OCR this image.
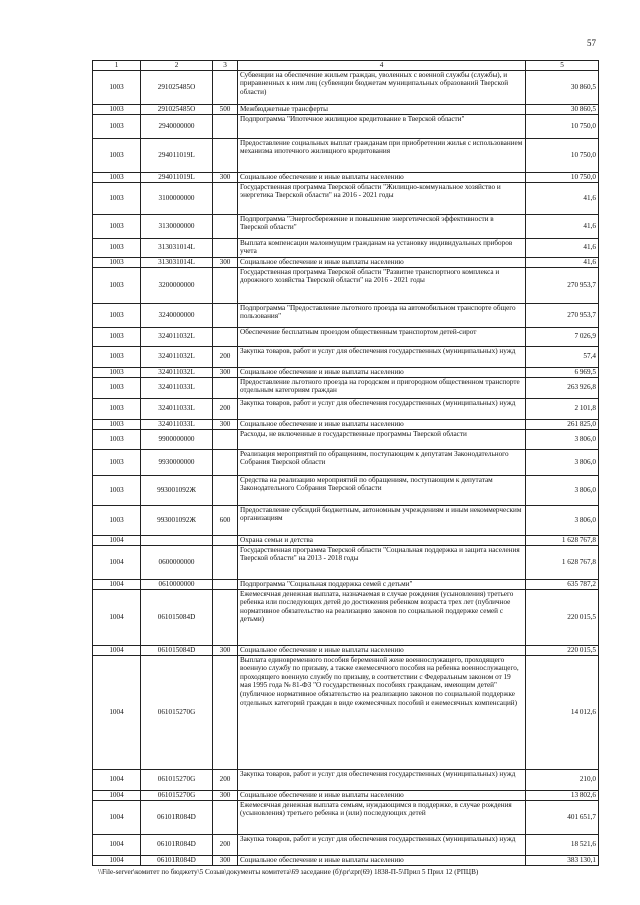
57
1	2	3	4	5
1003	291025485О		Субвенции на обеспечение жильем граждан, уволенных с военной службы (службы), и приравненных к ним лиц (субвенции бюджетам муниципальных образований Тверской области)	30 860,5
1003	291025485О	500	Межбюджетные трансферты	30 860,5
1003	2940000000		Подпрограмма "Ипотечное жилищное кредитование в Тверской области"	10 750,0
1003	294011019L		Предоставление социальных выплат гражданам при приобретении жилья с использованием механизма ипотечного жилищного кредитования	10 750,0
1003	294011019L	300	Социальное обеспечение и иные выплаты населению	10 750,0
1003	3100000000		Государственная программа Тверской области "Жилищно-коммунальное хозяйство и энергетика Тверской области" на 2016 - 2021 годы	41,6
1003	3130000000		Подпрограмма "Энергосбережение и повышение энергетической эффективности в Тверской области"	41,6
1003	313031014L		Выплата компенсации малоимущим гражданам на установку индивидуальных приборов учета	41,6
1003	313031014L	300	Социальное обеспечение и иные выплаты населению	41,6
1003	3200000000		Государственная программа Тверской области "Развитие транспортного комплекса и дорожного хозяйства Тверской области" на 2016 - 2021 годы	270 953,7
1003	3240000000		Подпрограмма "Предоставление льготного проезда на автомобильном транспорте общего пользования"	270 953,7
1003	324011032L		Обеспечение бесплатным проездом общественным транспортом детей-сирот	7 026,9
1003	324011032L	200	Закупка товаров, работ и услуг для обеспечения государственных (муниципальных) нужд	57,4
1003	324011032L	300	Социальное обеспечение и иные выплаты населению	6 969,5
1003	324011033L		Предоставление льготного проезда на городском и пригородном общественном транспорте отдельным категориям граждан	263 926,8
1003	324011033L	200	Закупка товаров, работ и услуг для обеспечения государственных (муниципальных) нужд	2 101,8
1003	324011033L	300	Социальное обеспечение и иные выплаты населению	261 825,0
1003	9900000000		Расходы, не включенные в государственные программы Тверской области	3 806,0
1003	9930000000		Реализация мероприятий по обращениям, поступающим к депутатам Законодательного Собрания Тверской области	3 806,0
1003	993001092Ж		Средства на реализацию мероприятий по обращениям, поступающим к депутатам Законодательного Собрания Тверской области	3 806,0
1003	993001092Ж	600	Предоставление субсидий бюджетным, автономным учреждениям и иным некоммерческим организациям	3 806,0
1004			Охрана семьи и детства	1 628 767,8
1004	0600000000		Государственная программа Тверской области "Социальная поддержка и защита населения Тверской области" на 2013 - 2018 годы	1 628 767,8
1004	0610000000		Подпрограмма "Социальная поддержка семей с детьми"	635 787,2
1004	061015084D		Ежемесячная денежная выплата, назначаемая в случае рождения (усыновления) третьего ребенка или последующих детей до достижения ребенком возраста трех лет (публичное нормативное обязательство на реализацию законов по социальной поддержке семей с детьми)	220 015,5
1004	061015084D	300	Социальное обеспечение и иные выплаты населению	220 015,5
1004	061015270G		Выплата единовременного пособия беременной жене военнослужащего, проходящего военную службу по призыву, а также ежемесячного пособия на ребенка военнослужащего, проходящего военную службу по призыву, в соответствии с Федеральным законом от 19 мая 1995 года № 81-ФЗ "О государственных пособиях гражданам, имеющим детей" (публичное нормативное обязательство на реализацию законов по социальной поддержке отдельных категорий граждан в виде ежемесячных пособий и ежемесячных компенсаций)	14 012,6
1004	061015270G	200	Закупка товаров, работ и услуг для обеспечения государственных (муниципальных) нужд	210,0
1004	061015270G	300	Социальное обеспечение и иные выплаты населению	13 802,6
1004	06101R084D		Ежемесячная денежная выплата семьям, нуждающимся в поддержке, в случае рождения (усыновления) третьего ребенка и (или) последующих детей	401 651,7
1004	06101R084D	200	Закупка товаров, работ и услуг для обеспечения государственных (муниципальных) нужд	18 521,6
1004	06101R084D	300	Социальное обеспечение и иные выплаты населению	383 130,1
\\File-server\комитет по бюджету\5 Созыв\документы комитета\69 заседание (б)\pr\zpr(69) 1838-П-5\Прил 5 Прил 12 (РПЦВ)
